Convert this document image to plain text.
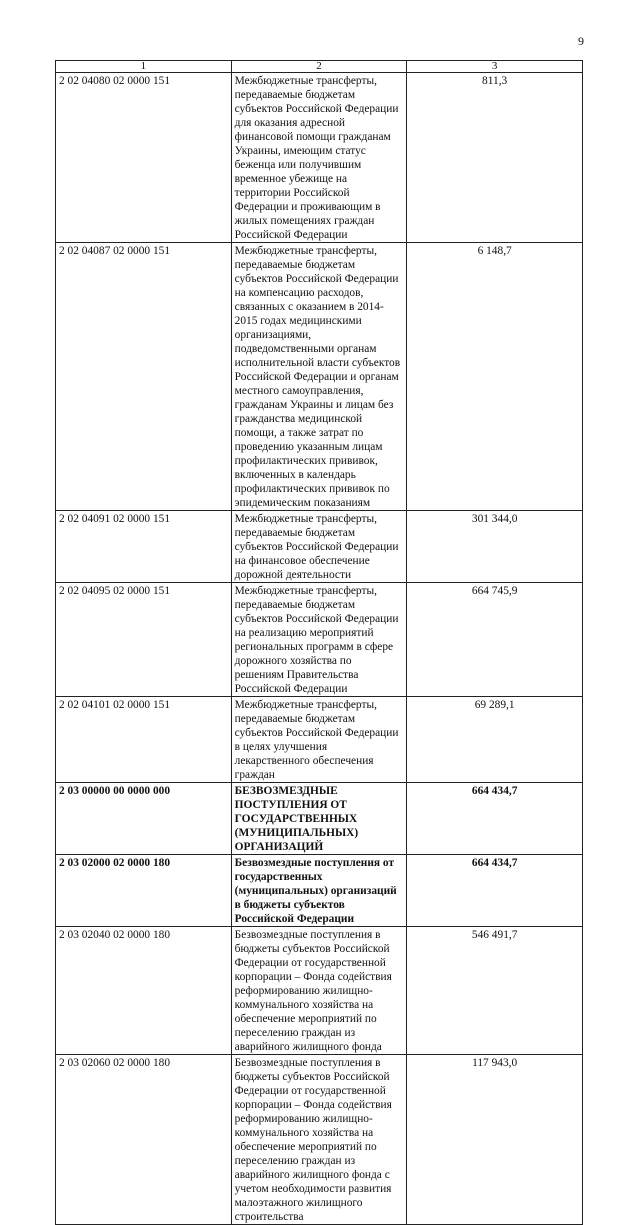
9
1	2	3
2 02 04080 02 0000 151	Межбюджетные трансферты, передаваемые бюджетам субъектов Российской Федерации для оказания адресной финансовой помощи гражданам Украины, имеющим статус беженца или получившим временное убежище на территории Российской Федерации и проживающим в жилых помещениях граждан Российской Федерации	811,3
2 02 04087 02 0000 151	Межбюджетные трансферты, передаваемые бюджетам субъектов Российской Федерации на компенсацию расходов, связанных с оказанием в 2014-2015 годах медицинскими организациями, подведомственными органам исполнительной власти субъектов Российской Федерации и органам местного самоуправления, гражданам Украины и лицам без гражданства медицинской помощи, а также затрат по проведению указанным лицам профилактических прививок, включенных в календарь профилактических прививок по эпидемическим показаниям	6 148,7
2 02 04091 02 0000 151	Межбюджетные трансферты, передаваемые бюджетам субъектов Российской Федерации на финансовое обеспечение дорожной деятельности	301 344,0
2 02 04095 02 0000 151	Межбюджетные трансферты, передаваемые бюджетам субъектов Российской Федерации на реализацию мероприятий региональных программ в сфере дорожного хозяйства по решениям Правительства Российской Федерации	664 745,9
2 02 04101 02 0000 151	Межбюджетные трансферты, передаваемые бюджетам субъектов Российской Федерации в целях улучшения лекарственного обеспечения граждан	69 289,1
2 03 00000 00 0000 000	БЕЗВОЗМЕЗДНЫЕ ПОСТУПЛЕНИЯ ОТ ГОСУДАРСТВЕННЫХ (МУНИЦИПАЛЬНЫХ) ОРГАНИЗАЦИЙ	664 434,7
2 03 02000 02 0000 180	Безвозмездные поступления от государственных (муниципальных) организаций в бюджеты субъектов Российской Федерации	664 434,7
2 03 02040 02 0000 180	Безвозмездные поступления в бюджеты субъектов Российской Федерации от государственной корпорации – Фонда содействия реформированию жилищно-коммунального хозяйства на обеспечение мероприятий по переселению граждан из аварийного жилищного фонда	546 491,7
2 03 02060 02 0000 180	Безвозмездные поступления в бюджеты субъектов Российской Федерации от государственной корпорации – Фонда содействия реформированию жилищно-коммунального хозяйства на обеспечение мероприятий по переселению граждан из аварийного жилищного фонда с учетом необходимости развития малоэтажного жилищного строительства	117 943,0
